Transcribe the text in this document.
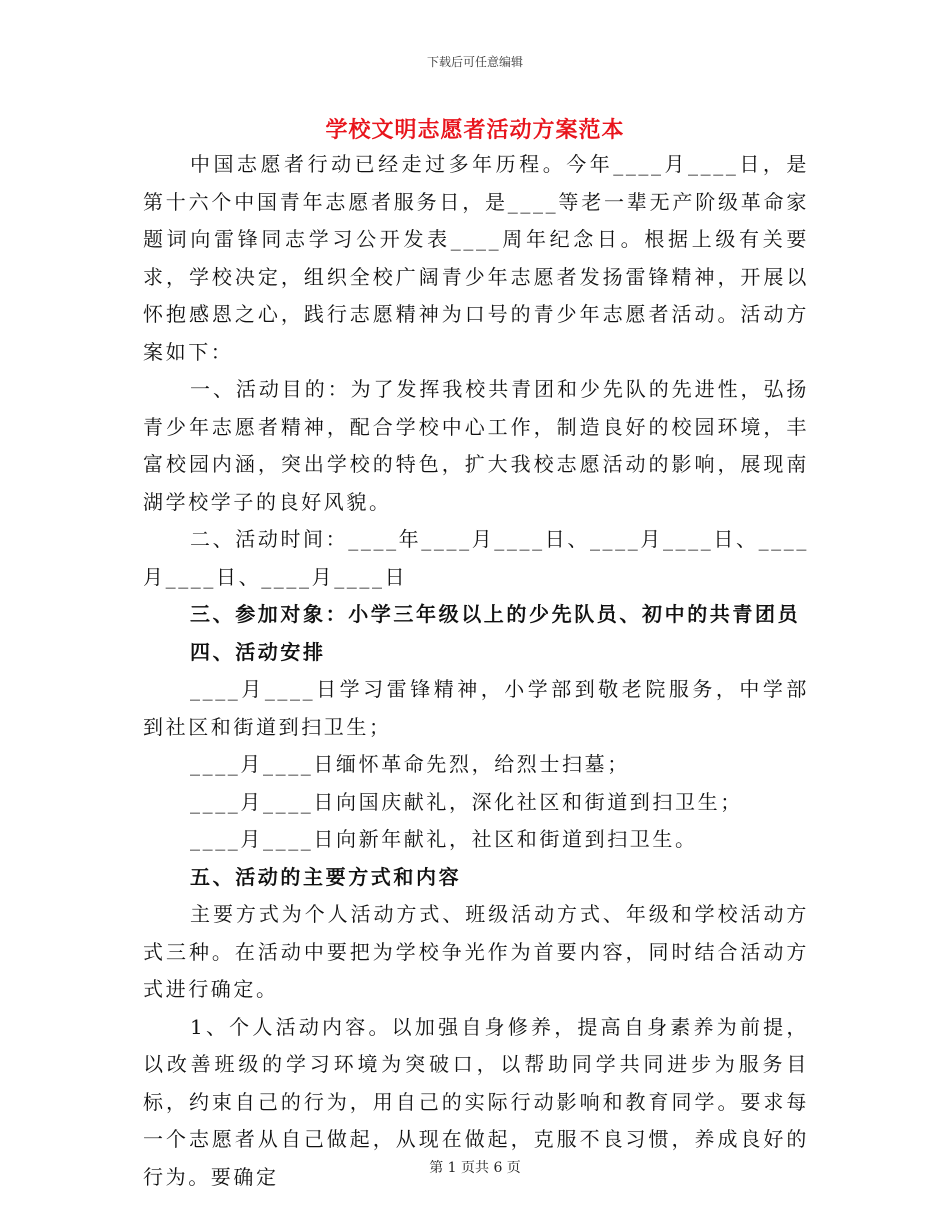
下载后可任意编辑
学校文明志愿者活动方案范本

中国志愿者行动已经走过多年历程。今年____月____日，是第十六个中国青年志愿者服务日，是____等老一辈无产阶级革命家题词向雷锋同志学习公开发表____周年纪念日。根据上级有关要求，学校决定，组织全校广阔青少年志愿者发扬雷锋精神，开展以怀抱感恩之心，践行志愿精神为口号的青少年志愿者活动。活动方案如下：

一、活动目的：为了发挥我校共青团和少先队的先进性，弘扬青少年志愿者精神，配合学校中心工作，制造良好的校园环境，丰富校园内涵，突出学校的特色，扩大我校志愿活动的影响，展现南湖学校学子的良好风貌。

二、活动时间：____年____月____日、____月____日、____月____日、____月____日

三、参加对象：小学三年级以上的少先队员、初中的共青团员

四、活动安排

____月____日学习雷锋精神，小学部到敬老院服务，中学部到社区和街道到扫卫生；

____月____日缅怀革命先烈，给烈士扫墓；

____月____日向国庆献礼，深化社区和街道到扫卫生；

____月____日向新年献礼，社区和街道到扫卫生。

五、活动的主要方式和内容

主要方式为个人活动方式、班级活动方式、年级和学校活动方式三种。在活动中要把为学校争光作为首要内容，同时结合活动方式进行确定。

1、个人活动内容。以加强自身修养，提高自身素养为前提，以改善班级的学习环境为突破口，以帮助同学共同进步为服务目标，约束自己的行为，用自己的实际行动影响和教育同学。要求每一个志愿者从自己做起，从现在做起，克服不良习惯，养成良好的行为。要确定	第 1 页共 6 页
